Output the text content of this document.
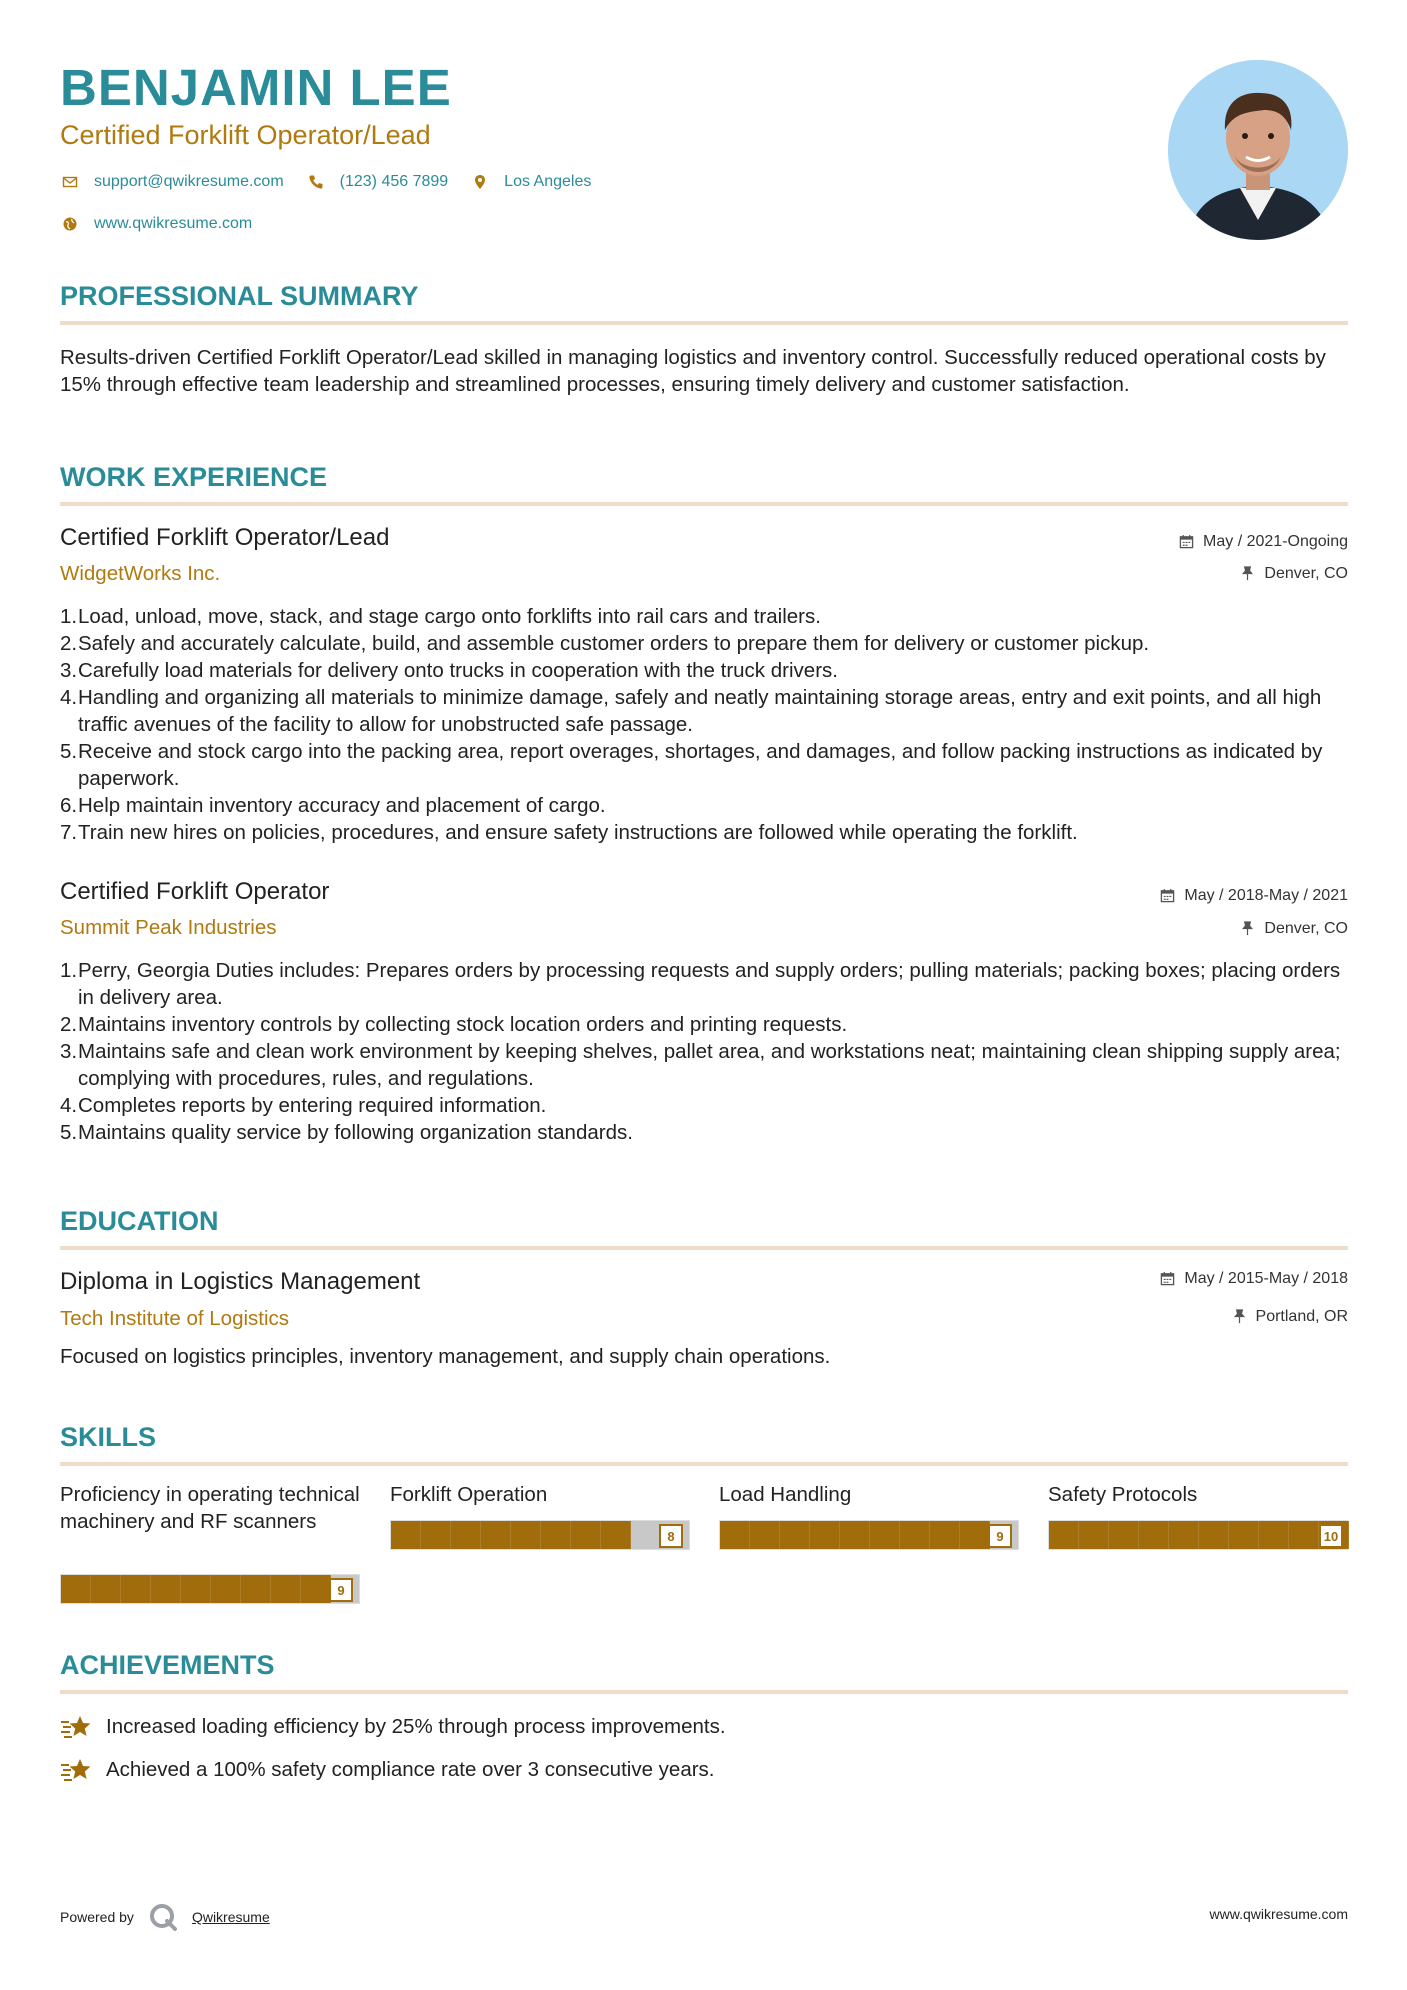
BENJAMIN LEE
Certified Forklift Operator/Lead
support@qwikresume.com	(123) 456 7899	Los Angeles
www.qwikresume.com
PROFESSIONAL SUMMARY
Results-driven Certified Forklift Operator/Lead skilled in managing logistics and inventory control. Successfully reduced operational costs by 15% through effective team leadership and streamlined processes, ensuring timely delivery and customer satisfaction.
WORK EXPERIENCE
Certified Forklift Operator/Lead
WidgetWorks Inc.
May / 2021-Ongoing
Denver, CO
1. Load, unload, move, stack, and stage cargo onto forklifts into rail cars and trailers.
2. Safely and accurately calculate, build, and assemble customer orders to prepare them for delivery or customer pickup.
3. Carefully load materials for delivery onto trucks in cooperation with the truck drivers.
4. Handling and organizing all materials to minimize damage, safely and neatly maintaining storage areas, entry and exit points, and all high traffic avenues of the facility to allow for unobstructed safe passage.
5. Receive and stock cargo into the packing area, report overages, shortages, and damages, and follow packing instructions as indicated by paperwork.
6. Help maintain inventory accuracy and placement of cargo.
7. Train new hires on policies, procedures, and ensure safety instructions are followed while operating the forklift.
Certified Forklift Operator
Summit Peak Industries
May / 2018-May / 2021
Denver, CO
1. Perry, Georgia Duties includes: Prepares orders by processing requests and supply orders; pulling materials; packing boxes; placing orders in delivery area.
2. Maintains inventory controls by collecting stock location orders and printing requests.
3. Maintains safe and clean work environment by keeping shelves, pallet area, and workstations neat; maintaining clean shipping supply area; complying with procedures, rules, and regulations.
4. Completes reports by entering required information.
5. Maintains quality service by following organization standards.
EDUCATION
Diploma in Logistics Management
Tech Institute of Logistics
May / 2015-May / 2018
Portland, OR
Focused on logistics principles, inventory management, and supply chain operations.
SKILLS
Proficiency in operating technical machinery and RF scanners
9
Forklift Operation
8
Load Handling
9
Safety Protocols
10
ACHIEVEMENTS
Increased loading efficiency by 25% through process improvements.
Achieved a 100% safety compliance rate over 3 consecutive years.
Powered by	Qwikresume	www.qwikresume.com
